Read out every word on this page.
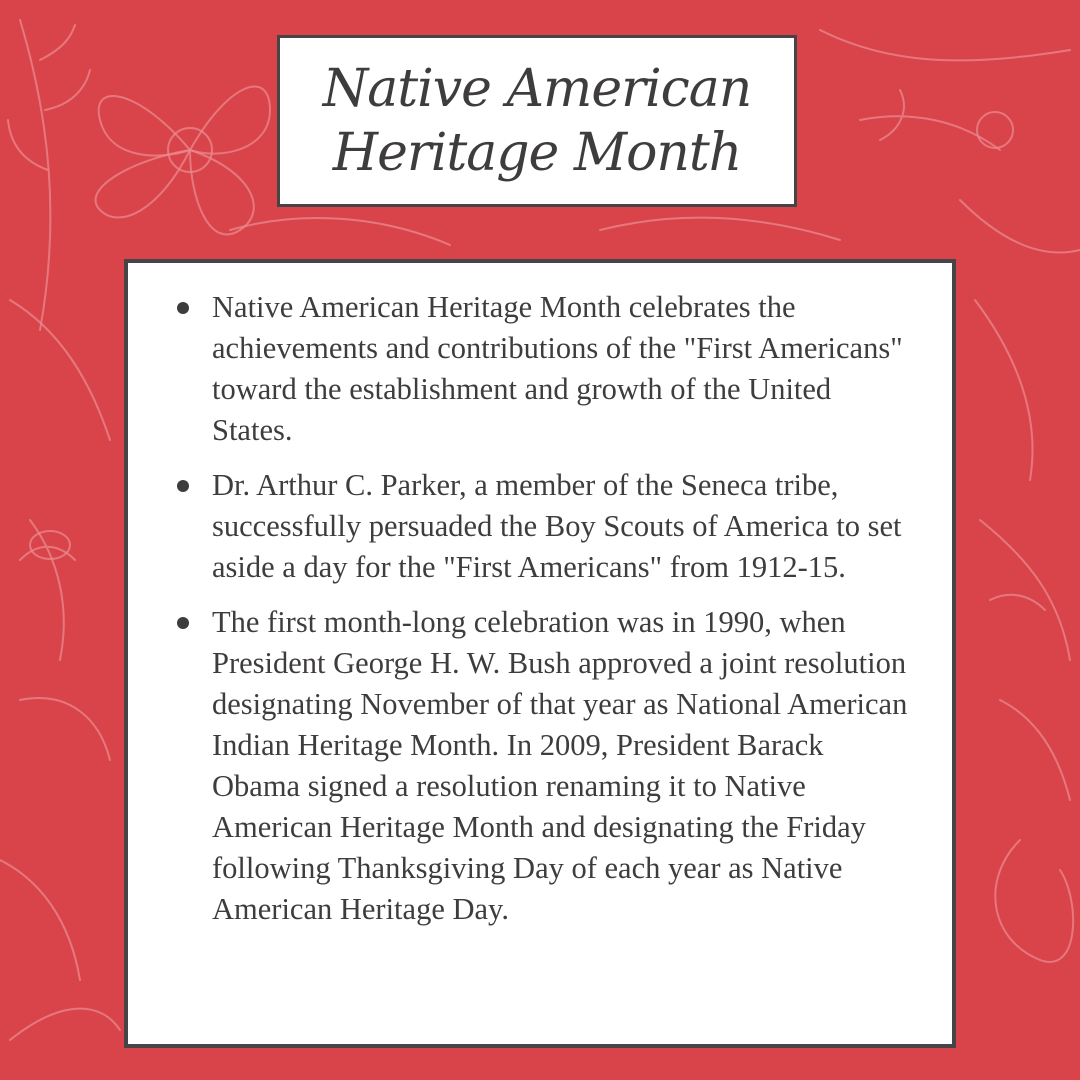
Native American
Heritage Month
Native American Heritage Month celebrates the achievements and contributions of the "First Americans" toward the establishment and growth of the United States.
Dr. Arthur C. Parker, a member of the Seneca tribe, successfully persuaded the Boy Scouts of America to set aside a day for the "First Americans" from 1912-15.
The first month-long celebration was in 1990, when President George H. W. Bush approved a joint resolution designating November of that year as National American Indian Heritage Month. In 2009, President Barack Obama signed a resolution renaming it to Native American Heritage Month and designating the Friday following Thanksgiving Day of each year as Native American Heritage Day.
